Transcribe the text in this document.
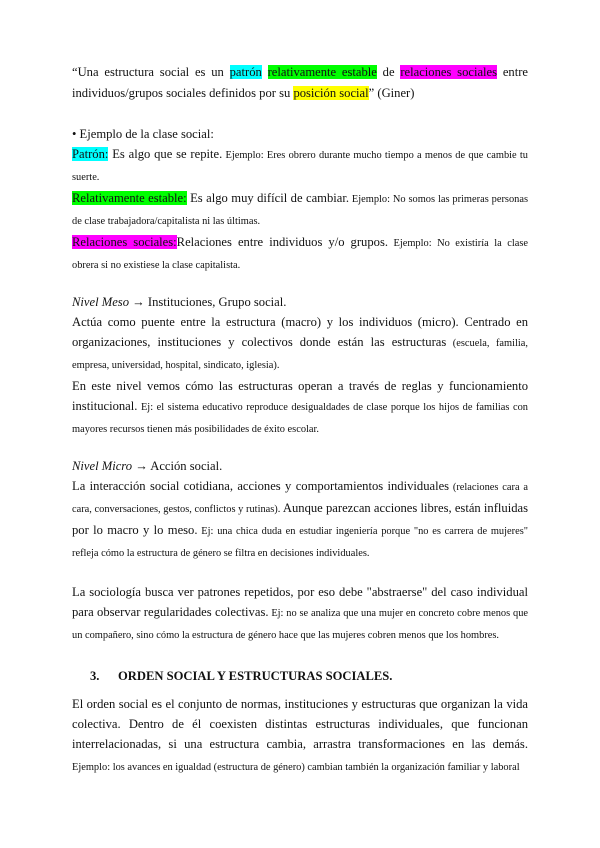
“Una estructura social es un patrón relativamente estable de relaciones sociales entre individuos/grupos sociales definidos por su posición social” (Giner)

• Ejemplo de la clase social:

Patrón: Es algo que se repite. Ejemplo: Eres obrero durante mucho tiempo a menos de que cambie tu suerte.

Relativamente estable: Es algo muy difícil de cambiar. Ejemplo: No somos las primeras personas de clase trabajadora/capitalista ni las últimas.

Relaciones sociales:Relaciones entre individuos y/o grupos. Ejemplo: No existiría la clase obrera si no existiese la clase capitalista.

Nivel Meso → Instituciones, Grupo social.

Actúa como puente entre la estructura (macro) y los individuos (micro). Centrado en organizaciones, instituciones y colectivos donde están las estructuras (escuela, familia, empresa, universidad, hospital, sindicato, iglesia).

En este nivel vemos cómo las estructuras operan a través de reglas y funcionamiento institucional. Ej: el sistema educativo reproduce desigualdades de clase porque los hijos de familias con mayores recursos tienen más posibilidades de éxito escolar.

Nivel Micro → Acción social.

La interacción social cotidiana, acciones y comportamientos individuales (relaciones cara a cara, conversaciones, gestos, conflictos y rutinas). Aunque parezcan acciones libres, están influidas por lo macro y lo meso. Ej: una chica duda en estudiar ingeniería porque "no es carrera de mujeres" refleja cómo la estructura de género se filtra en decisiones individuales.

La sociología busca ver patrones repetidos, por eso debe "abstraerse" del caso individual para observar regularidades colectivas. Ej: no se analiza que una mujer en concreto cobre menos que un compañero, sino cómo la estructura de género hace que las mujeres cobren menos que los hombres.

3. ORDEN SOCIAL Y ESTRUCTURAS SOCIALES.

El orden social es el conjunto de normas, instituciones y estructuras que organizan la vida colectiva. Dentro de él coexisten distintas estructuras individuales, que funcionan interrelacionadas, si una estructura cambia, arrastra transformaciones en las demás. Ejemplo: los avances en igualdad (estructura de género) cambian también la organización familiar y laboral
